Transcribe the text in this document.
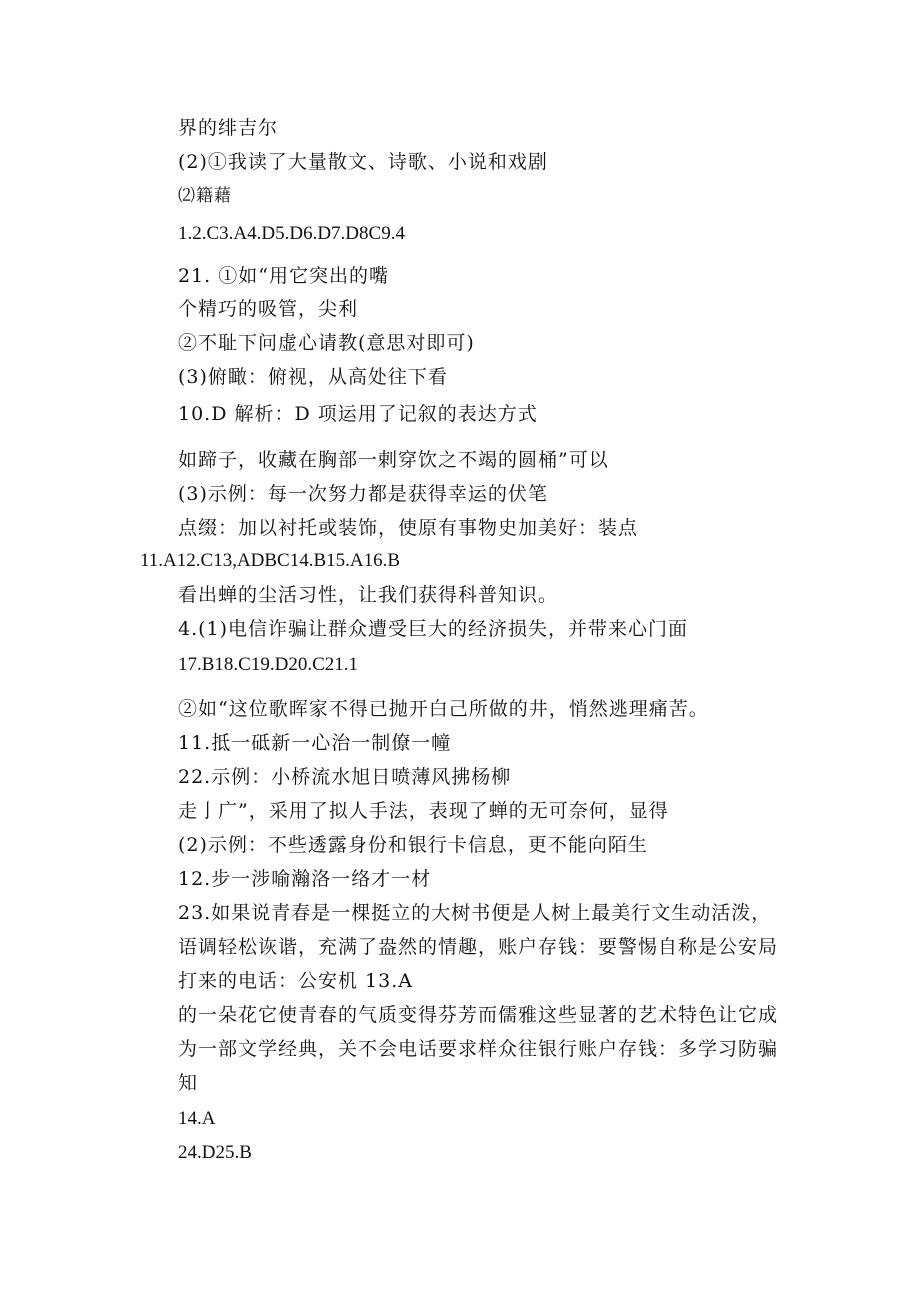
界的绯吉尔
(2)①我读了大量散文、诗歌、小说和戏剧
⑵籍藉
1.2.C3.A4.D5.D6.D7.D8C9.4
21. ①如“用它突出的嘴
个精巧的吸管，尖利
②不耻下问虚心请教(意思对即可)
(3)俯瞰：俯视，从高处往下看
10.D 解析：D 项运用了记叙的表达方式
如蹄子，收藏在胸部一剌穿饮之不竭的圆桶”可以
(3)示例：每一次努力都是获得幸运的伏笔
点缀：加以衬托或装饰，使原有事物史加美好：装点
11.A12.C13,ADBC14.B15.A16.B
看出蝉的尘活习性，让我们获得科普知识。
4.(1)电信诈骗让群众遭受巨大的经济损失，并带来心门面
17.B18.C19.D20.C21.1
②如“这位歌晖家不得已抛开白己所做的井，悄然逃理痛苦。
11.抵一砥新一心治一制僚一幢
22.示例：小桥流水旭日喷薄风拂杨柳
走亅广”，采用了拟人手法，表现了蝉的无可奈何，显得
(2)示例：不些透露身份和银行卡信息，更不能向陌生
12.步一涉喻瀚洛一络才一材
23.如果说青春是一棵挺立的大树书便是人树上最美行文生动活泼，
语调轻松诙谐，充满了盎然的情趣，账户存钱：要警惕自称是公安局
打来的电话：公安机 13.A
的一朵花它使青春的气质变得芬芳而儒雅这些显著的艺术特色让它成
为一部文学经典，关不会电话要求样众往银行账户存钱：多学习防骗
知
14.A
24.D25.B
